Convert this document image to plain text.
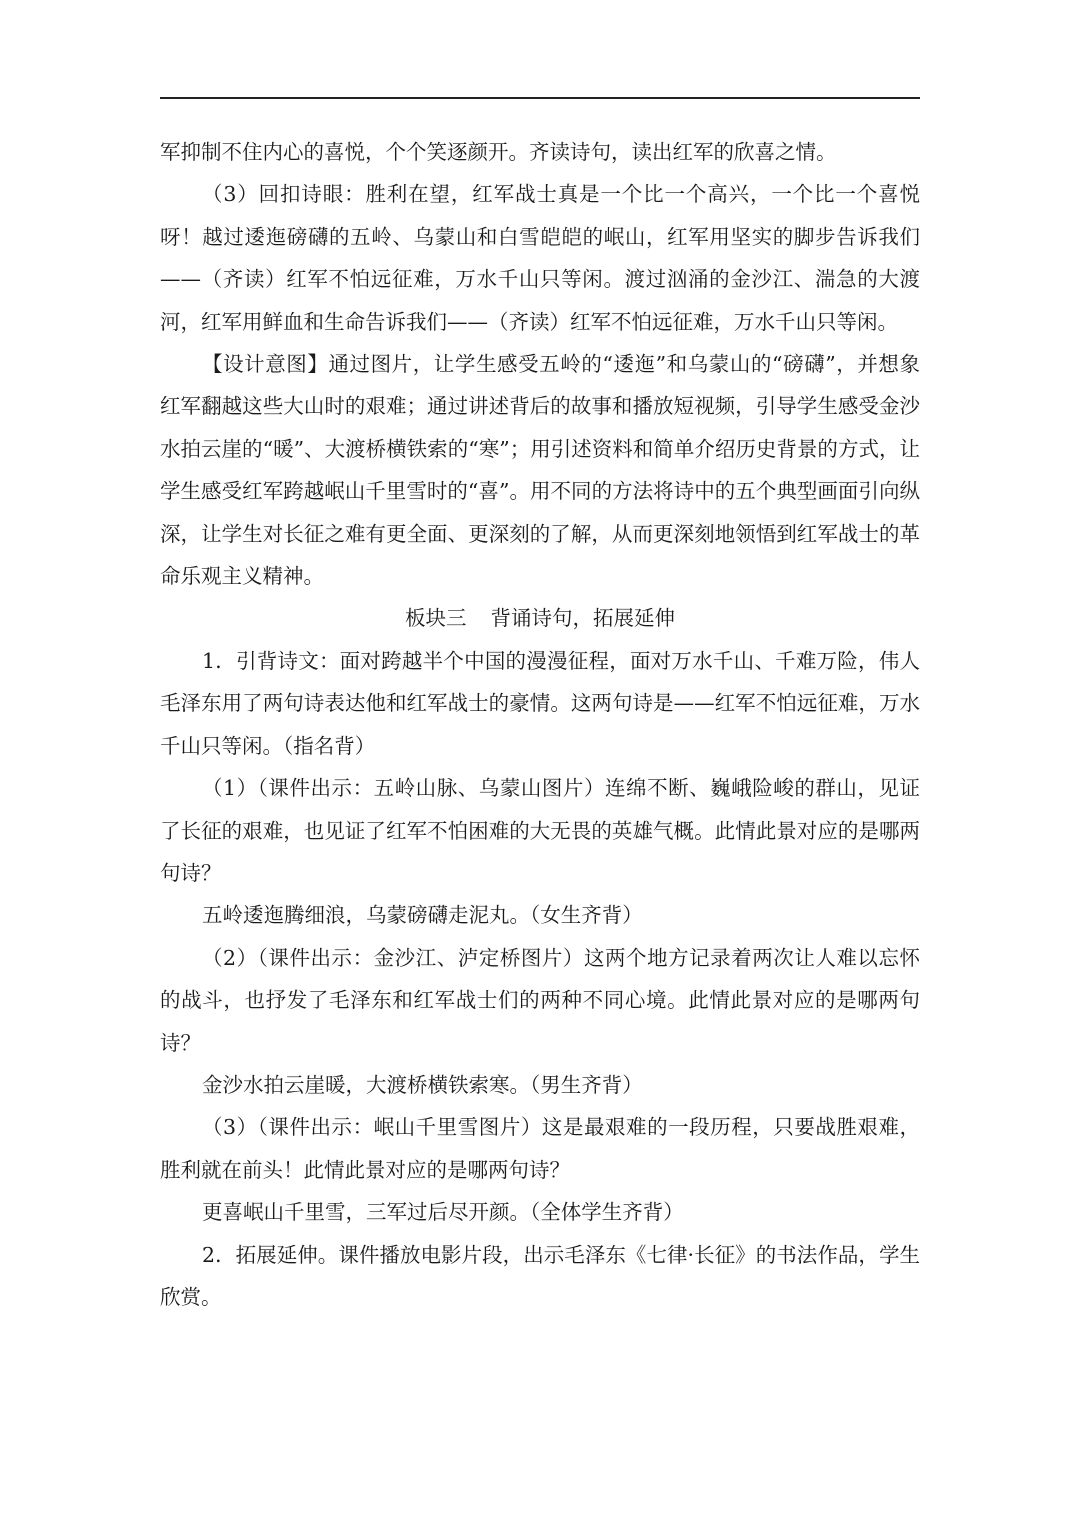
军抑制不住内心的喜悦，个个笑逐颜开。齐读诗句，读出红军的欣喜之情。

（3）回扣诗眼：胜利在望，红军战士真是一个比一个高兴，一个比一个喜悦呀！越过逶迤磅礴的五岭、乌蒙山和白雪皑皑的岷山，红军用坚实的脚步告诉我们——（齐读）红军不怕远征难，万水千山只等闲。渡过汹涌的金沙江、湍急的大渡河，红军用鲜血和生命告诉我们——（齐读）红军不怕远征难，万水千山只等闲。

【设计意图】通过图片，让学生感受五岭的“逶迤”和乌蒙山的“磅礴”，并想象红军翻越这些大山时的艰难；通过讲述背后的故事和播放短视频，引导学生感受金沙水拍云崖的“暖”、大渡桥横铁索的“寒”；用引述资料和简单介绍历史背景的方式，让学生感受红军跨越岷山千里雪时的“喜”。用不同的方法将诗中的五个典型画面引向纵深，让学生对长征之难有更全面、更深刻的了解，从而更深刻地领悟到红军战士的革命乐观主义精神。

板块三 背诵诗句，拓展延伸

1．引背诗文：面对跨越半个中国的漫漫征程，面对万水千山、千难万险，伟人毛泽东用了两句诗表达他和红军战士的豪情。这两句诗是——红军不怕远征难，万水千山只等闲。（指名背）

（1）（课件出示：五岭山脉、乌蒙山图片）连绵不断、巍峨险峻的群山，见证了长征的艰难，也见证了红军不怕困难的大无畏的英雄气概。此情此景对应的是哪两句诗？

五岭逶迤腾细浪，乌蒙磅礴走泥丸。（女生齐背）

（2）（课件出示：金沙江、泸定桥图片）这两个地方记录着两次让人难以忘怀的战斗，也抒发了毛泽东和红军战士们的两种不同心境。此情此景对应的是哪两句诗？

金沙水拍云崖暖，大渡桥横铁索寒。（男生齐背）

（3）（课件出示：岷山千里雪图片）这是最艰难的一段历程，只要战胜艰难，胜利就在前头！此情此景对应的是哪两句诗？

更喜岷山千里雪，三军过后尽开颜。（全体学生齐背）

2．拓展延伸。课件播放电影片段，出示毛泽东《七律·长征》的书法作品，学生欣赏。
